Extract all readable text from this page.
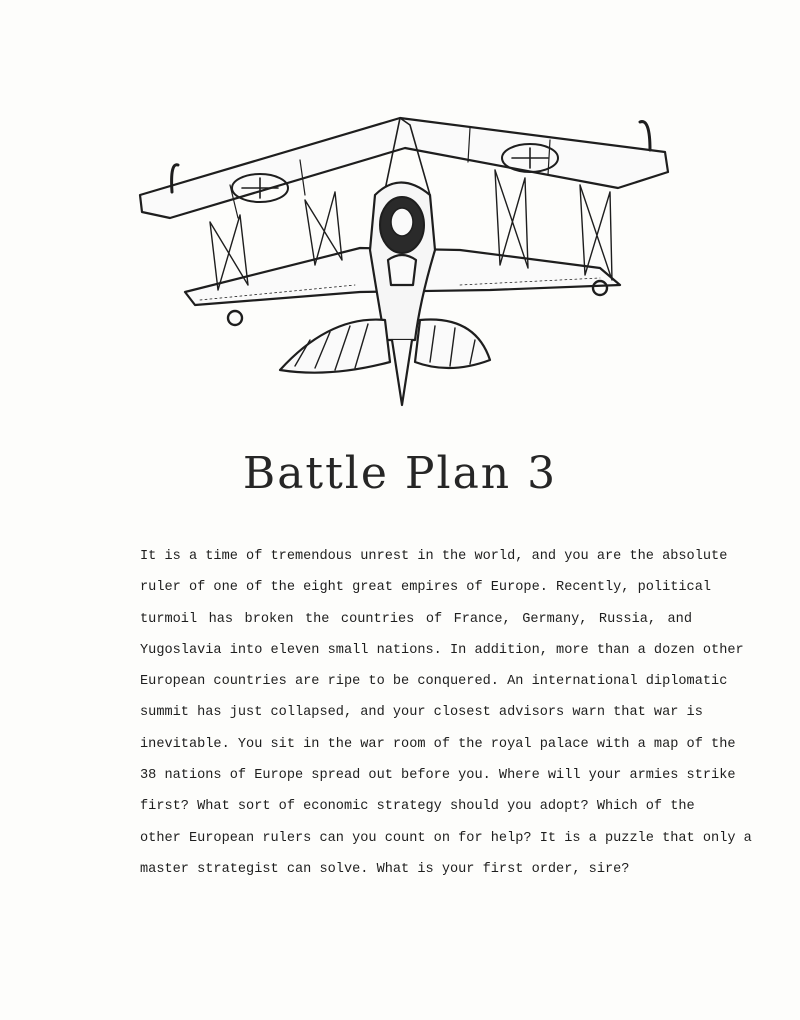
Battle Plan 3
It is a time of tremendous unrest in the world, and you are the absolute
ruler of one of the eight great empires of Europe. Recently, political
turmoil has broken the countries of France, Germany, Russia, and
Yugoslavia into eleven small nations. In addition, more than a dozen other
European countries are ripe to be conquered. An international diplomatic
summit has just collapsed, and your closest advisors warn that war is
inevitable. You sit in the war room of the royal palace with a map of the
38 nations of Europe spread out before you. Where will your armies strike
first? What sort of economic strategy should you adopt? Which of the
other European rulers can you count on for help? It is a puzzle that only a
master strategist can solve. What is your first order, sire?
